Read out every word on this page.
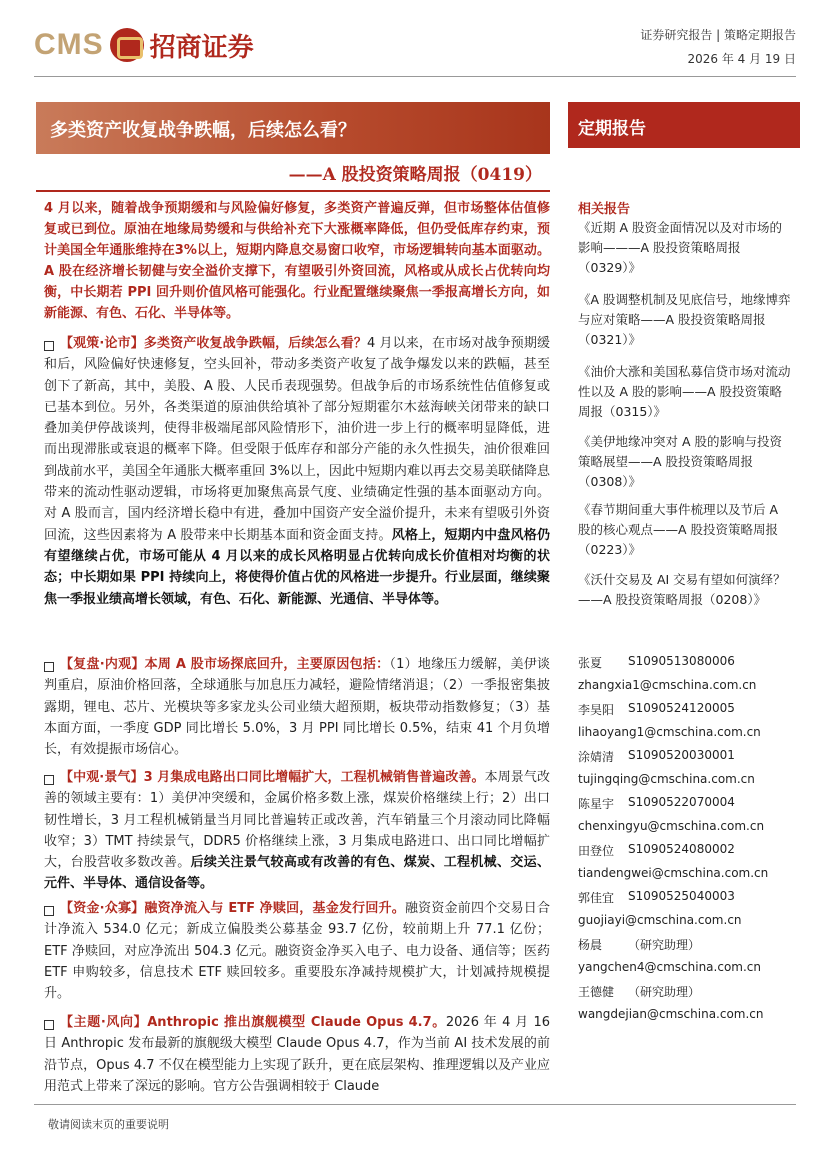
CMS 招商证券	证券研究报告 | 策略定期报告
2026 年 4 月 19 日
多类资产收复战争跌幅，后续怎么看？
——A 股投资策略周报（0419）
4 月以来，随着战争预期缓和与风险偏好修复，多类资产普遍反弹，但市场整体估值修复或已到位。原油在地缘局势缓和与供给补充下大涨概率降低，但仍受低库存约束，预计美国全年通胀维持在3%以上，短期内降息交易窗口收窄，市场逻辑转向基本面驱动。A 股在经济增长韧健与安全溢价支撑下，有望吸引外资回流，风格或从成长占优转向均衡，中长期若 PPI 回升则价值风格可能强化。行业配置继续聚焦一季报高增长方向，如新能源、有色、石化、半导体等。
【观策·论市】多类资产收复战争跌幅，后续怎么看？4 月以来，在市场对战争预期缓和后，风险偏好快速修复，空头回补，带动多类资产收复了战争爆发以来的跌幅，甚至创下了新高，其中，美股、A 股、人民币表现强势。但战争后的市场系统性估值修复或已基本到位。另外，各类渠道的原油供给填补了部分短期霍尔木兹海峡关闭带来的缺口叠加美伊停战谈判，使得非极端尾部风险情形下，油价进一步上行的概率明显降低，进而出现滞胀或衰退的概率下降。但受限于低库存和部分产能的永久性损失，油价很难回到战前水平，美国全年通胀大概率重回 3%以上，因此中短期内难以再去交易美联储降息带来的流动性驱动逻辑，市场将更加聚焦高景气度、业绩确定性强的基本面驱动方向。对 A 股而言，国内经济增长稳中有进，叠加中国资产安全溢价提升，未来有望吸引外资回流，这些因素将为 A 股带来中长期基本面和资金面支持。风格上，短期内中盘风格仍有望继续占优，市场可能从 4 月以来的成长风格明显占优转向成长价值相对均衡的状态；中长期如果 PPI 持续向上，将使得价值占优的风格进一步提升。行业层面，继续聚焦一季报业绩高增长领域，有色、石化、新能源、光通信、半导体等。
【复盘·内观】本周 A 股市场探底回升，主要原因包括：（1）地缘压力缓解，美伊谈判重启，原油价格回落，全球通胀与加息压力减轻，避险情绪消退；（2）一季报密集披露期，锂电、芯片、光模块等多家龙头公司业绩大超预期，板块带动指数修复；（3）基本面方面，一季度 GDP 同比增长 5.0%，3 月 PPI 同比增长 0.5%，结束 41 个月负增长，有效提振市场信心。
【中观·景气】3 月集成电路出口同比增幅扩大，工程机械销售普遍改善。本周景气改善的领域主要有：1）美伊冲突缓和，金属价格多数上涨，煤炭价格继续上行；2）出口韧性增长，3 月工程机械销量当月同比普遍转正或改善，汽车销量三个月滚动同比降幅收窄；3）TMT 持续景气，DDR5 价格继续上涨，3 月集成电路进口、出口同比增幅扩大，台股营收多数改善。后续关注景气较高或有改善的有色、煤炭、工程机械、交运、元件、半导体、通信设备等。
【资金·众寡】融资净流入与 ETF 净赎回，基金发行回升。融资资金前四个交易日合计净流入 534.0 亿元；新成立偏股类公募基金 93.7 亿份，较前期上升 77.1 亿份；ETF 净赎回，对应净流出 504.3 亿元。融资资金净买入电子、电力设备、通信等；医药 ETF 申购较多，信息技术 ETF 赎回较多。重要股东净减持规模扩大，计划减持规模提升。
【主题·风向】Anthropic 推出旗舰模型 Claude Opus 4.7。2026 年 4 月 16 日 Anthropic 发布最新的旗舰级大模型 Claude Opus 4.7，作为当前 AI 技术发展的前沿节点，Opus 4.7 不仅在模型能力上实现了跃升，更在底层架构、推理逻辑以及产业应用范式上带来了深远的影响。官方公告强调相较于 Claude
定期报告
相关报告
《近期 A 股资金面情况以及对市场的影响———A 股投资策略周报（0329）》
《A 股调整机制及见底信号，地缘博弈与应对策略——A 股投资策略周报（0321）》
《油价大涨和美国私募信贷市场对流动性以及 A 股的影响——A 股投资策略周报（0315）》
《美伊地缘冲突对 A 股的影响与投资策略展望——A 股投资策略周报（0308）》
《春节期间重大事件梳理以及节后 A 股的核心观点——A 股投资策略周报（0223）》
《沃什交易及 AI 交易有望如何演绎？——A 股投资策略周报（0208）》
张夏 S1090513080006
zhangxia1@cmschina.com.cn
李昊阳 S1090524120005
lihaoyang1@cmschina.com.cn
涂婧清 S1090520030001
tujingqing@cmschina.com.cn
陈星宇 S1090522070004
chenxingyu@cmschina.com.cn
田登位 S1090524080002
tiandengwei@cmschina.com.cn
郭佳宜 S1090525040003
guojiayi@cmschina.com.cn
杨晨 （研究助理）
yangchen4@cmschina.com.cn
王德健 （研究助理）
wangdejian@cmschina.com.cn
敬请阅读末页的重要说明
